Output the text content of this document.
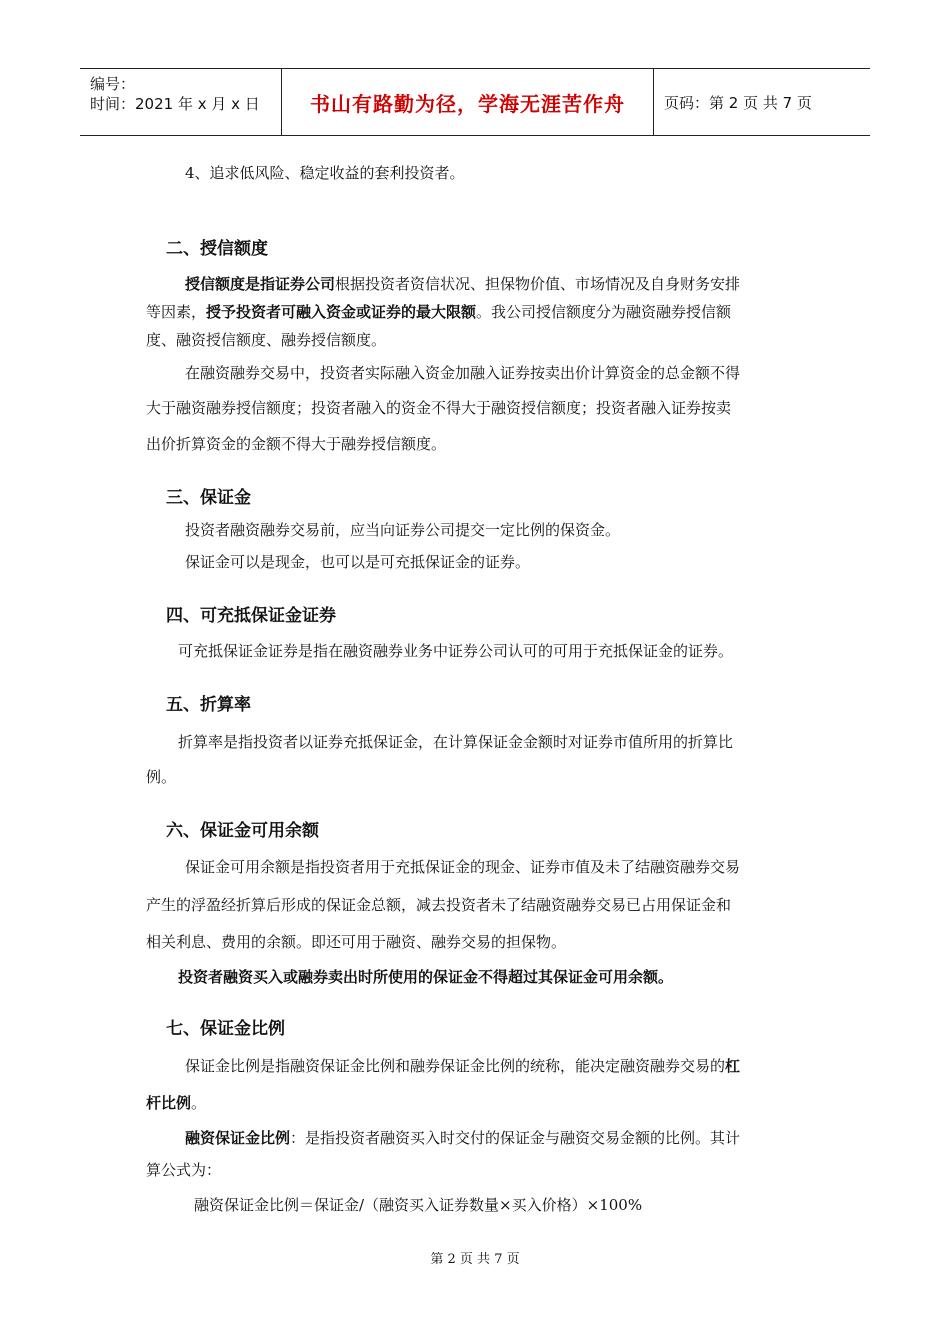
编号：
时间：2021 年 x 月 x 日	书山有路勤为径，学海无涯苦作舟	页码：第 2 页 共 7 页
4、追求低风险、稳定收益的套利投资者。
二、授信额度
授信额度是指证券公司根据投资者资信状况、担保物价值、市场情况及自身财务安排
等因素，授予投资者可融入资金或证券的最大限额。我公司授信额度分为融资融券授信额
度、融资授信额度、融券授信额度。
在融资融券交易中，投资者实际融入资金加融入证券按卖出价计算资金的总金额不得
大于融资融券授信额度；投资者融入的资金不得大于融资授信额度；投资者融入证券按卖
出价折算资金的金额不得大于融券授信额度。
三、保证金
投资者融资融券交易前，应当向证券公司提交一定比例的保资金。
保证金可以是现金，也可以是可充抵保证金的证券。
四、可充抵保证金证券
可充抵保证金证券是指在融资融券业务中证券公司认可的可用于充抵保证金的证券。
五、折算率
折算率是指投资者以证券充抵保证金，在计算保证金金额时对证券市值所用的折算比
例。
六、保证金可用余额
保证金可用余额是指投资者用于充抵保证金的现金、证券市值及未了结融资融券交易
产生的浮盈经折算后形成的保证金总额，减去投资者未了结融资融券交易已占用保证金和
相关利息、费用的余额。即还可用于融资、融券交易的担保物。
投资者融资买入或融券卖出时所使用的保证金不得超过其保证金可用余额。
七、保证金比例
保证金比例是指融资保证金比例和融券保证金比例的统称，能决定融资融券交易的杠
杆比例。
融资保证金比例：是指投资者融资买入时交付的保证金与融资交易金额的比例。其计
算公式为：
融资保证金比例＝保证金/（融资买入证券数量×买入价格）×100%
第 2 页 共 7 页
